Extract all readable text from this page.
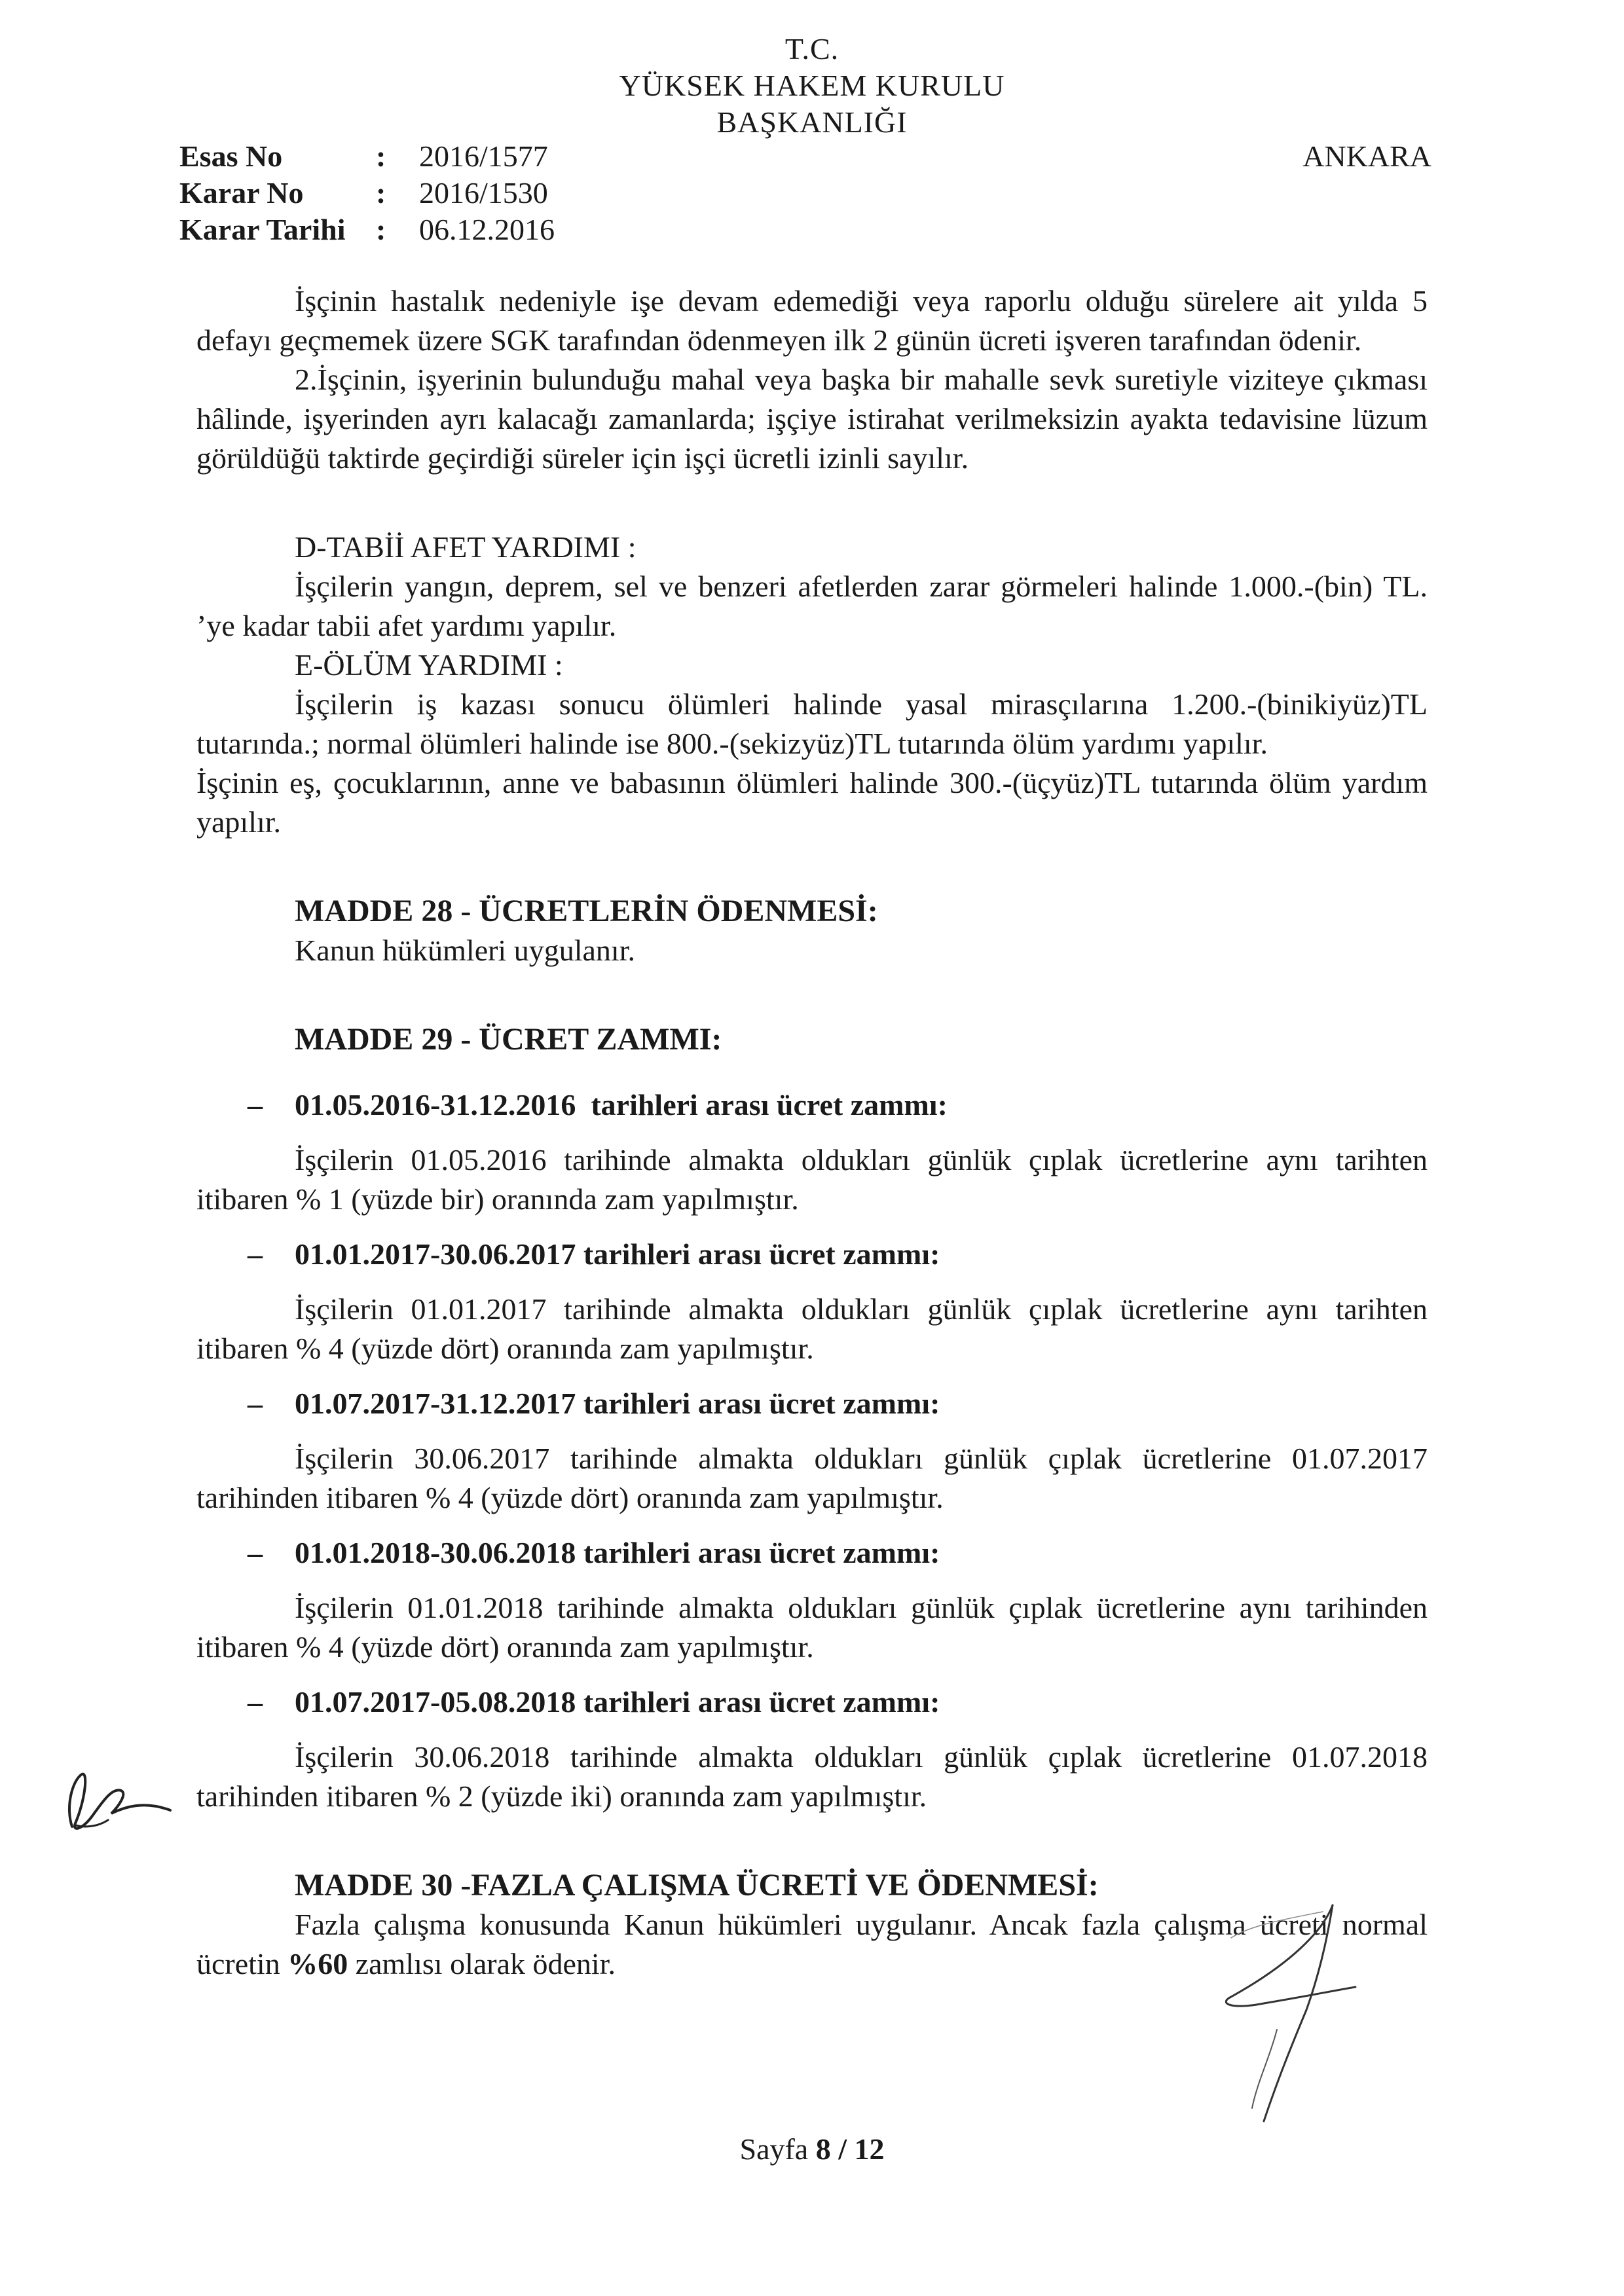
T.C.
YÜKSEK HAKEM KURULU
BAŞKANLIĞI
ANKARA
Esas No	:	2016/1577
Karar No	:	2016/1530
Karar Tarihi	:	06.12.2016

İşçinin hastalık nedeniyle işe devam edemediği veya raporlu olduğu sürelere ait yılda 5 defayı geçmemek üzere SGK tarafından ödenmeyen ilk 2 günün ücreti işveren tarafından ödenir.

2.İşçinin, işyerinin bulunduğu mahal veya başka bir mahalle sevk suretiyle viziteye çıkması hâlinde, işyerinden ayrı kalacağı zamanlarda; işçiye istirahat verilmeksizin ayakta tedavisine lüzum görüldüğü taktirde geçirdiği süreler için işçi ücretli izinli sayılır.

D-TABİİ AFET YARDIMI :

İşçilerin yangın, deprem, sel ve benzeri afetlerden zarar görmeleri halinde 1.000.-(bin) TL. ’ye kadar tabii afet yardımı yapılır.

E-ÖLÜM YARDIMI :

İşçilerin iş kazası sonucu ölümleri halinde yasal mirasçılarına 1.200.-(binikiyüz)TL tutarında.; normal ölümleri halinde ise 800.-(sekizyüz)TL tutarında ölüm yardımı yapılır.

İşçinin eş, çocuklarının, anne ve babasının ölümleri halinde 300.-(üçyüz)TL tutarında ölüm yardım yapılır.

MADDE 28 - ÜCRETLERİN ÖDENMESİ:

Kanun hükümleri uygulanır.

MADDE 29 - ÜCRET ZAMMI:

– 01.05.2016-31.12.2016 tarihleri arası ücret zammı:

İşçilerin 01.05.2016 tarihinde almakta oldukları günlük çıplak ücretlerine aynı tarihten itibaren % 1 (yüzde bir) oranında zam yapılmıştır.

– 01.01.2017-30.06.2017 tarihleri arası ücret zammı:

İşçilerin 01.01.2017 tarihinde almakta oldukları günlük çıplak ücretlerine aynı tarihten itibaren % 4 (yüzde dört) oranında zam yapılmıştır.

– 01.07.2017-31.12.2017 tarihleri arası ücret zammı:

İşçilerin 30.06.2017 tarihinde almakta oldukları günlük çıplak ücretlerine 01.07.2017 tarihinden itibaren % 4 (yüzde dört) oranında zam yapılmıştır.

– 01.01.2018-30.06.2018 tarihleri arası ücret zammı:

İşçilerin 01.01.2018 tarihinde almakta oldukları günlük çıplak ücretlerine aynı tarihinden itibaren % 4 (yüzde dört) oranında zam yapılmıştır.

– 01.07.2017-05.08.2018 tarihleri arası ücret zammı:

İşçilerin 30.06.2018 tarihinde almakta oldukları günlük çıplak ücretlerine 01.07.2018 tarihinden itibaren % 2 (yüzde iki) oranında zam yapılmıştır.

MADDE 30 -FAZLA ÇALIŞMA ÜCRETİ VE ÖDENMESİ:

Fazla çalışma konusunda Kanun hükümleri uygulanır. Ancak fazla çalışma ücreti normal ücretin %60 zamlısı olarak ödenir.

Sayfa 8 / 12
